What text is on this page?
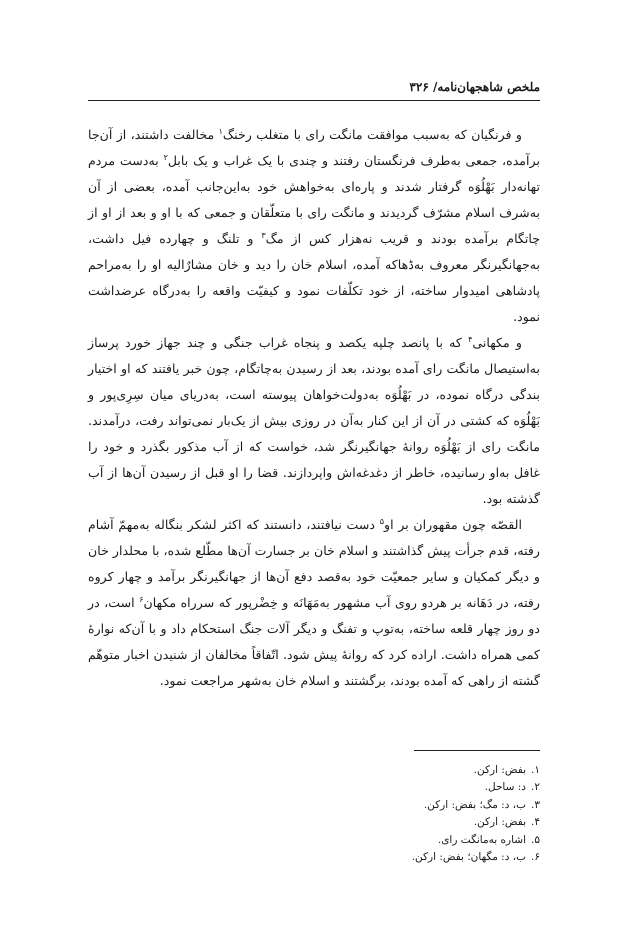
ملخص شاهجهان‌نامه/ ۳۲۶

و فرنگیان که به‌سبب موافقت مانگت رای با متغلب رخنگ$^۱$ مخالفت داشتند، از آن‌جا برآمده، جمعی به‌طرف فرنگستان رفتند و چندی با یک غراب و یک بابل$^۲$ به‌دست مردم تهانه‌دار بَهْلُوَه گرفتار شدند و پاره‌ای به‌خواهش خود به‌این‌جانب آمده، بعضی از آن به‌شرف اسلام مشرّف گردیدند و مانگت رای با متعلّقان و جمعی که با او و بعد از او از چاتگام برآمده بودند و قریب نه‌هزار کس از مگ$^۳$ و تلنگ و چهارده فیل داشت، به‌جهانگیرنگر معروف به‌ڈهاکه آمده، اسلام خان را دید و خان مشارٌالیه او را به‌مراحم پادشاهی امیدوار ساخته، از خود تکلّفات نمود و کیفیّت واقعه را به‌درگاه عرضداشت نمود.

و مکهانی$^۴$ که با پانصد چلپه یکصد و پنجاه غراب جنگی و چند جهاز خورد پرساز به‌استیصال مانگت رای آمده بودند، بعد از رسیدن به‌چاتگام، چون خبر یافتند که او اختیار بندگی درگاه نموده، در بَهْلُوَه به‌دولت‌خواهان پیوسته است، به‌دریای میان سِرِی‌پور و بَهْلُوَه که کشتی در آن از این کنار به‌آن در روزی بیش از یک‌بار نمی‌تواند رفت، درآمدند. مانگت رای از بَهْلُوَه روانهٔ جهانگیرنگر شد، خواست که از آب مذکور بگذرد و خود را غافل به‌او رسانیده، خاطر از دغدغه‌اش واپردازند. قضا را او قبل از رسیدن آن‌ها از آب گذشته بود.

القصّه چون مقهوران بر او$^۵$ دست نیافتند، دانستند که اکثر لشکر بنگاله به‌مهمّ آشام رفته، قدم جرأت پیش گذاشتند و اسلام خان بر جسارت آن‌ها مطّلع شده، با محلدار خان و دیگر کمکیان و سایر جمعیّت خود به‌قصد دفع آن‌ها از جهانگیرنگر برآمد و چهار کروه رفته، در دَهَانه بر هردو روی آب مشهور به‌مَهَانَه و خِضْرپور که سرراه مکهان$^۶$ است، در دو روز چهار قلعه ساخته، به‌توپ و تفنگ و دیگر آلات جنگ استحکام داد و با آن‌که نوارهٔ کمی همراه داشت. اراده کرد که روانهٔ پیش شود. اتّفاقاً مخالفان از شنیدن اخبار متوهّم گشته از راهی که آمده بودند، برگشتند و اسلام خان به‌شهر مراجعت نمود.

۱.بفض: ارکن.
۲.د: ساحل.
۳.ب، د: مگ؛ بفض: ارکن.
۴.بفض: ارکن.
۵.اشاره به‌مانگت رای.
۶.ب، د: مگهان؛ بفض: ارکن.
